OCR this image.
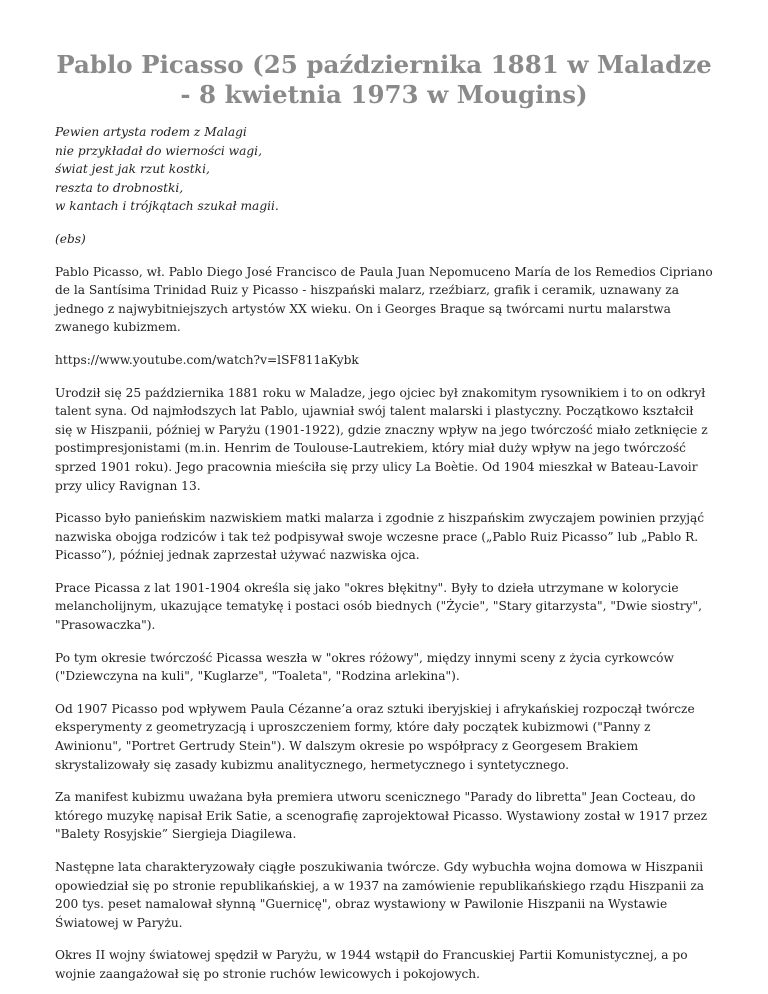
Pablo Picasso (25 października 1881 w Maladze - 8 kwietnia 1973 w Mougins)
Pewien artysta rodem z Malagi
nie przykładał do wierności wagi,
świat jest jak rzut kostki,
reszta to drobnostki,
w kantach i trójkątach szukał magii.

(ebs)

Pablo Picasso, wł. Pablo Diego José Francisco de Paula Juan Nepomuceno María de los Remedios Cipriano de la Santísima Trinidad Ruiz y Picasso - hiszpański malarz, rzeźbiarz, grafik i ceramik, uznawany za jednego z najwybitniejszych artystów XX wieku. On i Georges Braque są twórcami nurtu malarstwa zwanego kubizmem.

https://www.youtube.com/watch?v=lSF811aKybk

Urodził się 25 października 1881 roku w Maladze, jego ojciec był znakomitym rysownikiem i to on odkrył talent syna. Od najmłodszych lat Pablo, ujawniał swój talent malarski i plastyczny. Początkowo kształcił się w Hiszpanii, później w Paryżu (1901-1922), gdzie znaczny wpływ na jego twórczość miało zetknięcie z postimpresjonistami (m.in. Henrim de Toulouse-Lautrekiem, który miał duży wpływ na jego twórczość sprzed 1901 roku). Jego pracownia mieściła się przy ulicy La Boètie. Od 1904 mieszkał w Bateau-Lavoir przy ulicy Ravignan 13.

Picasso było panieńskim nazwiskiem matki malarza i zgodnie z hiszpańskim zwyczajem powinien przyjąć nazwiska obojga rodziców i tak też podpisywał swoje wczesne prace („Pablo Ruiz Picasso” lub „Pablo R. Picasso”), później jednak zaprzestał używać nazwiska ojca.

Prace Picassa z lat 1901-1904 określa się jako "okres błękitny". Były to dzieła utrzymane w kolorycie melancholijnym, ukazujące tematykę i postaci osób biednych ("Życie", "Stary gitarzysta", "Dwie siostry", "Prasowaczka").

Po tym okresie twórczość Picassa weszła w "okres różowy", między innymi sceny z życia cyrkowców ("Dziewczyna na kuli", "Kuglarze", "Toaleta", "Rodzina arlekina").

Od 1907 Picasso pod wpływem Paula Cézanne’a oraz sztuki iberyjskiej i afrykańskiej rozpoczął twórcze eksperymenty z geometryzacją i uproszczeniem formy, które dały początek kubizmowi ("Panny z Awinionu", "Portret Gertrudy Stein"). W dalszym okresie po współpracy z Georgesem Brakiem skrystalizowały się zasady kubizmu analitycznego, hermetycznego i syntetycznego.

Za manifest kubizmu uważana była premiera utworu scenicznego "Parady do libretta" Jean Cocteau, do którego muzykę napisał Erik Satie, a scenografię zaprojektował Picasso. Wystawiony został w 1917 przez "Balety Rosyjskie” Siergieja Diagilewa.

Następne lata charakteryzowały ciągłe poszukiwania twórcze. Gdy wybuchła wojna domowa w Hiszpanii opowiedział się po stronie republikańskiej, a w 1937 na zamówienie republikańskiego rządu Hiszpanii za 200 tys. peset namalował słynną "Guernicę", obraz wystawiony w Pawilonie Hiszpanii na Wystawie Światowej w Paryżu.

Okres II wojny światowej spędził w Paryżu, w 1944 wstąpił do Francuskiej Partii Komunistycznej, a po wojnie zaangażował się po stronie ruchów lewicowych i pokojowych.
